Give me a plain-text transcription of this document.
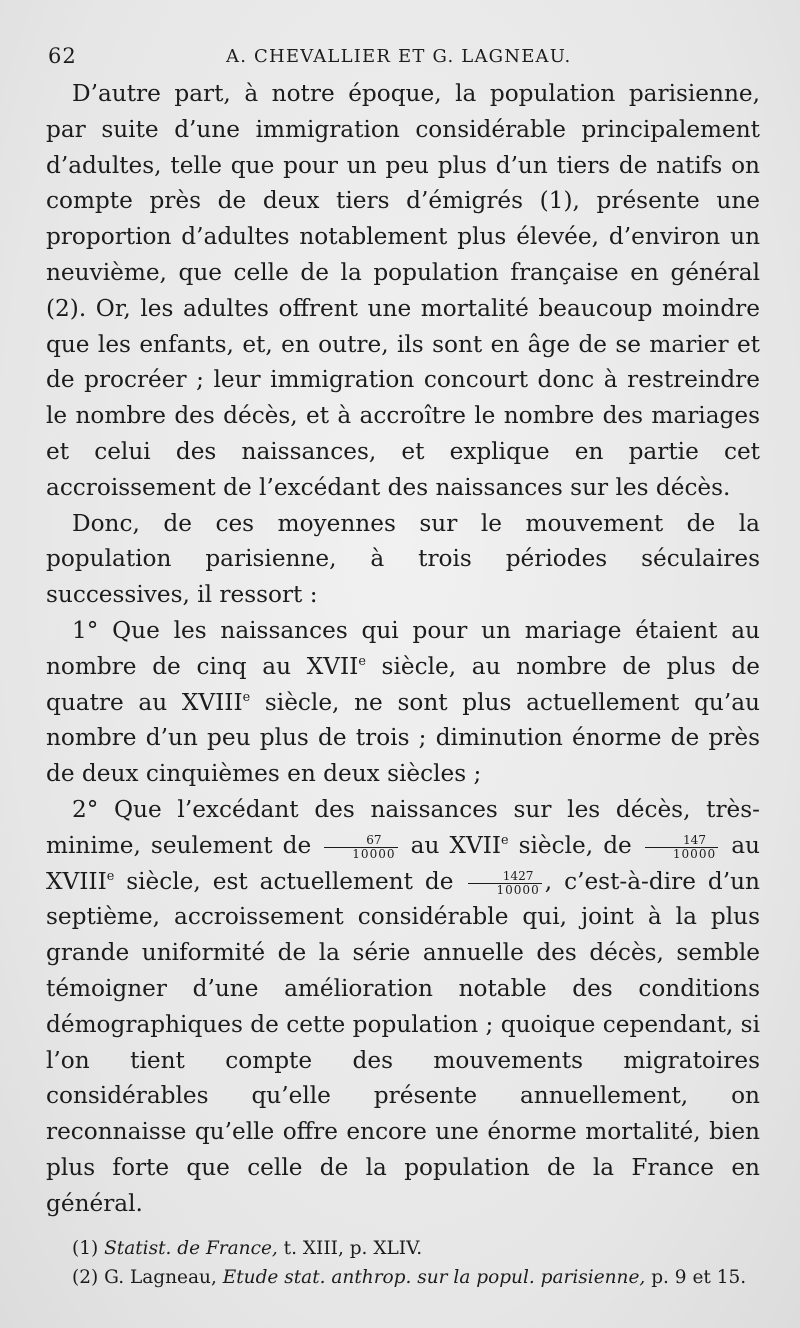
62	A. CHEVALLIER ET G. LAGNEAU.

D’autre part, à notre époque, la population parisienne, par suite d’une immigration considérable principalement d’adultes, telle que pour un peu plus d’un tiers de natifs on compte près de deux tiers d’émigrés (1), présente une proportion d’adultes notablement plus élevée, d’environ un neuvième, que celle de la population française en général (2). Or, les adultes offrent une mortalité beaucoup moindre que les enfants, et, en outre, ils sont en âge de se marier et de procréer ; leur immigration concourt donc à restreindre le nombre des décès, et à accroître le nombre des mariages et celui des naissances, et explique en partie cet accroissement de l’excédant des naissances sur les décès.

Donc, de ces moyennes sur le mouvement de la population parisienne, à trois périodes séculaires successives, il ressort :

1° Que les naissances qui pour un mariage étaient au nombre de cinq au XVIIe siècle, au nombre de plus de quatre au XVIIIe siècle, ne sont plus actuellement qu’au nombre d’un peu plus de trois ; diminution énorme de près de deux cinquièmes en deux siècles ;

2° Que l’excédant des naissances sur les décès, très-minime, seulement de $\frac{67}{10000}$ au XVIIe siècle, de $\frac{147}{10000}$ au XVIIIe siècle, est actuellement de $\frac{1427}{10000}$ , c’est-à-dire d’un septième, accroissement considérable qui, joint à la plus grande uniformité de la série annuelle des décès, semble témoigner d’une amélioration notable des conditions démographiques de cette population ; quoique cependant, si l’on tient compte des mouvements migratoires considérables qu’elle présente annuellement, on reconnaisse qu’elle offre encore une énorme mortalité, bien plus forte que celle de la population de la France en général.

(1) Statist. de France, t. XIII, p. XLIV.

(2) G. Lagneau, Etude stat. anthrop. sur la popul. parisienne, p. 9 et 15.
